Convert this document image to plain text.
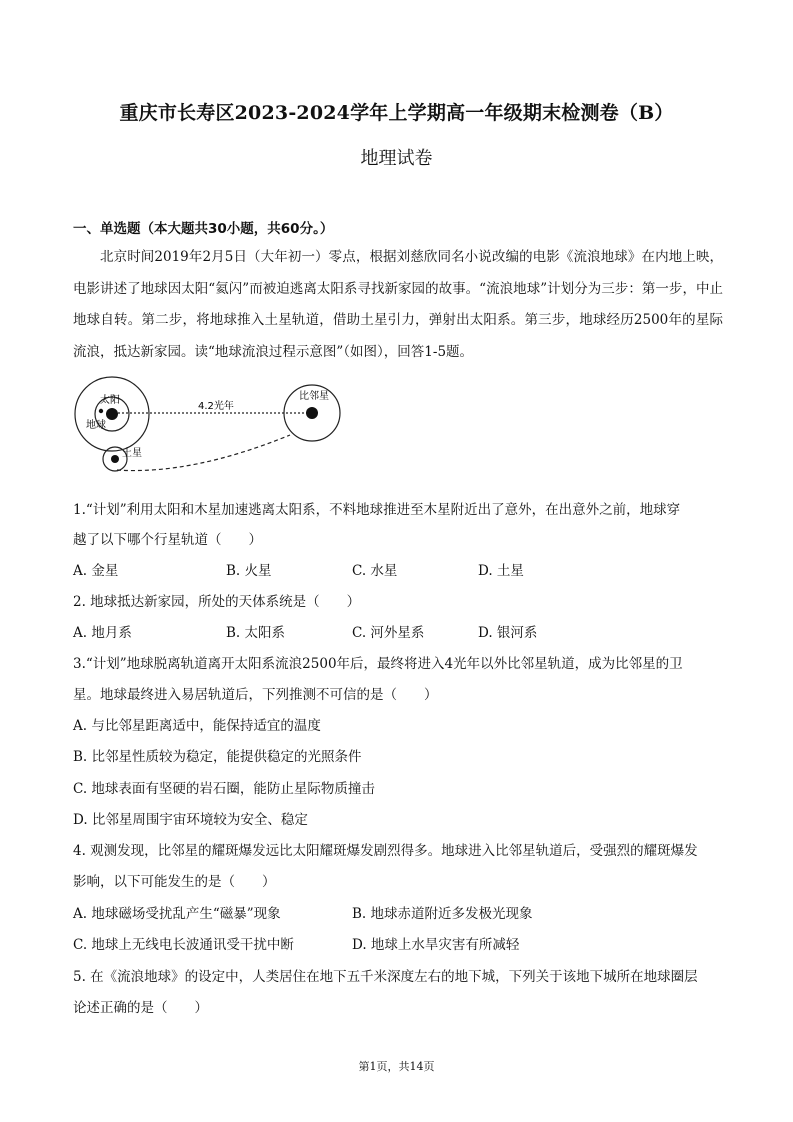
重庆市长寿区2023-2024学年上学期高一年级期末检测卷（B）
地理试卷
一、单选题（本大题共30小题，共60分。）

北京时间2019年2月5日（大年初一）零点，根据刘慈欣同名小说改编的电影《流浪地球》在内地上映，电影讲述了地球因太阳“氦闪”而被迫逃离太阳系寻找新家园的故事。“流浪地球”计划分为三步：第一步，中止地球自转。第二步，将地球推入土星轨道，借助土星引力，弹射出太阳系。第三步，地球经历2500年的星际流浪，抵达新家园。读“地球流浪过程示意图”（如图），回答1-5题。

太阳
地球
土星
4.2光年
比邻星
1.“计划”利用太阳和木星加速逃离太阳系，不料地球推进至木星附近出了意外，在出意外之前，地球穿
越了以下哪个行星轨道（　　）
A. 金星	B. 火星	C. 水星	D. 土星
2. 地球抵达新家园，所处的天体系统是（　　）
A. 地月系	B. 太阳系	C. 河外星系	D. 银河系
3.“计划”地球脱离轨道离开太阳系流浪2500年后，最终将进入4光年以外比邻星轨道，成为比邻星的卫
星。地球最终进入易居轨道后，下列推测不可信的是（　　）
A. 与比邻星距离适中，能保持适宜的温度
B. 比邻星性质较为稳定，能提供稳定的光照条件
C. 地球表面有坚硬的岩石圈，能防止星际物质撞击
D. 比邻星周围宇宙环境较为安全、稳定
4. 观测发现，比邻星的耀斑爆发远比太阳耀斑爆发剧烈得多。地球进入比邻星轨道后，受强烈的耀斑爆发
影响，以下可能发生的是（　　）
A. 地球磁场受扰乱产生“磁暴”现象	B. 地球赤道附近多发极光现象
C. 地球上无线电长波通讯受干扰中断	D. 地球上水旱灾害有所减轻
5. 在《流浪地球》的设定中，人类居住在地下五千米深度左右的地下城，下列关于该地下城所在地球圈层
论述正确的是（　　）
第1页，共14页
